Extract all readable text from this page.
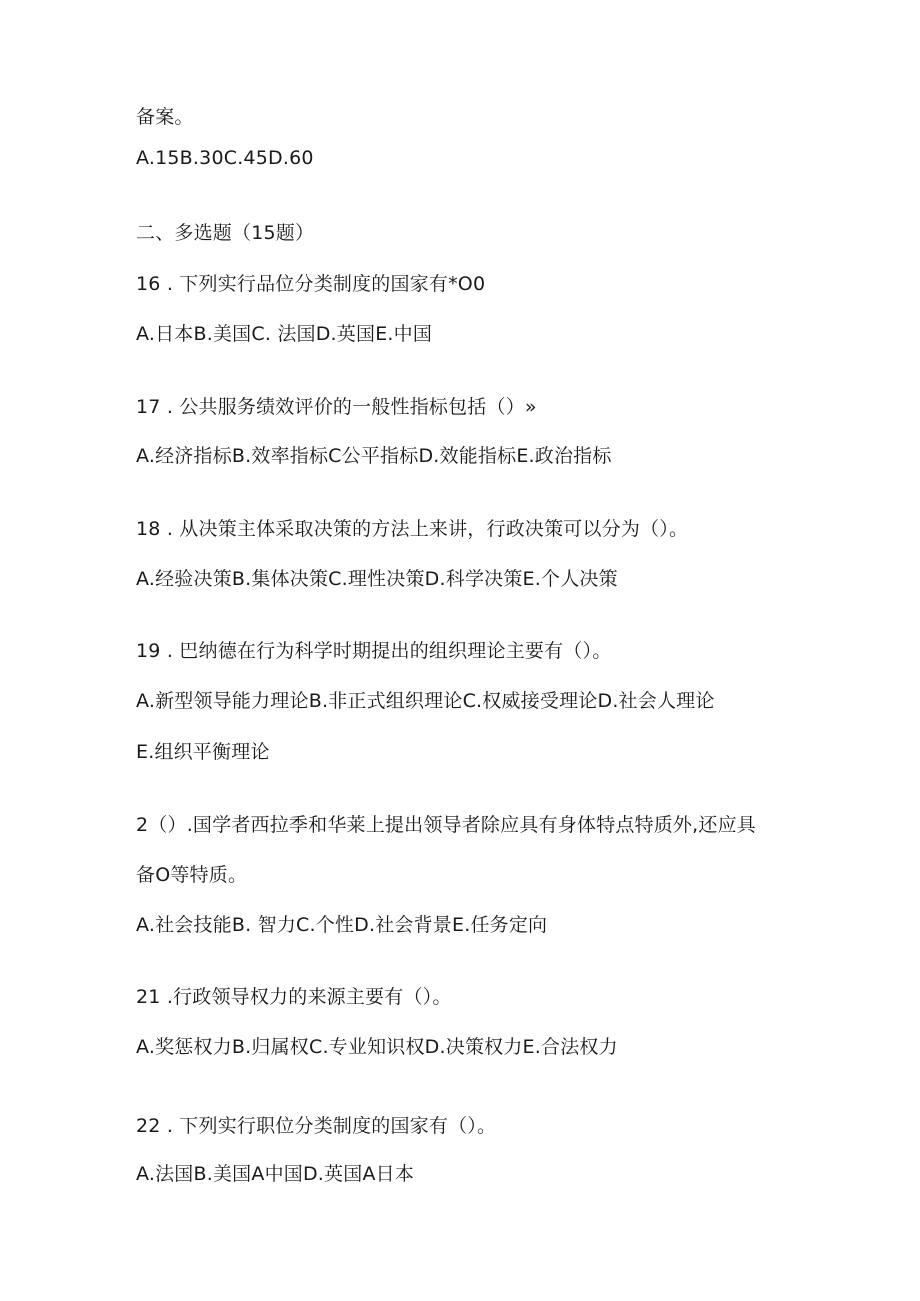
备案。
A.15B.30C.45D.60
二、多选题（15题）
16 . 下列实行品位分类制度的国家有*O0
A.日本B.美国C. 法国D.英国E.中国
17 . 公共服务绩效评价的一般性指标包括（）»
A.经济指标B.效率指标C公平指标D.效能指标E.政治指标
18 . 从决策主体采取决策的方法上来讲，行政决策可以分为（）。
A.经验决策B.集体决策C.理性决策D.科学决策E.个人决策
19 . 巴纳德在行为科学时期提出的组织理论主要有（）。
A.新型领导能力理论B.非正式组织理论C.权威接受理论D.社会人理论
E.组织平衡理论
2（）.国学者西拉季和华莱上提出领导者除应具有身体特点特质外,还应具
备O等特质。
A.社会技能B. 智力C.个性D.社会背景E.任务定向
21 .行政领导权力的来源主要有（）。
A.奖惩权力B.归属权C.专业知识权D.决策权力E.合法权力
22 . 下列实行职位分类制度的国家有（）。
A.法国B.美国A中国D.英国A日本
